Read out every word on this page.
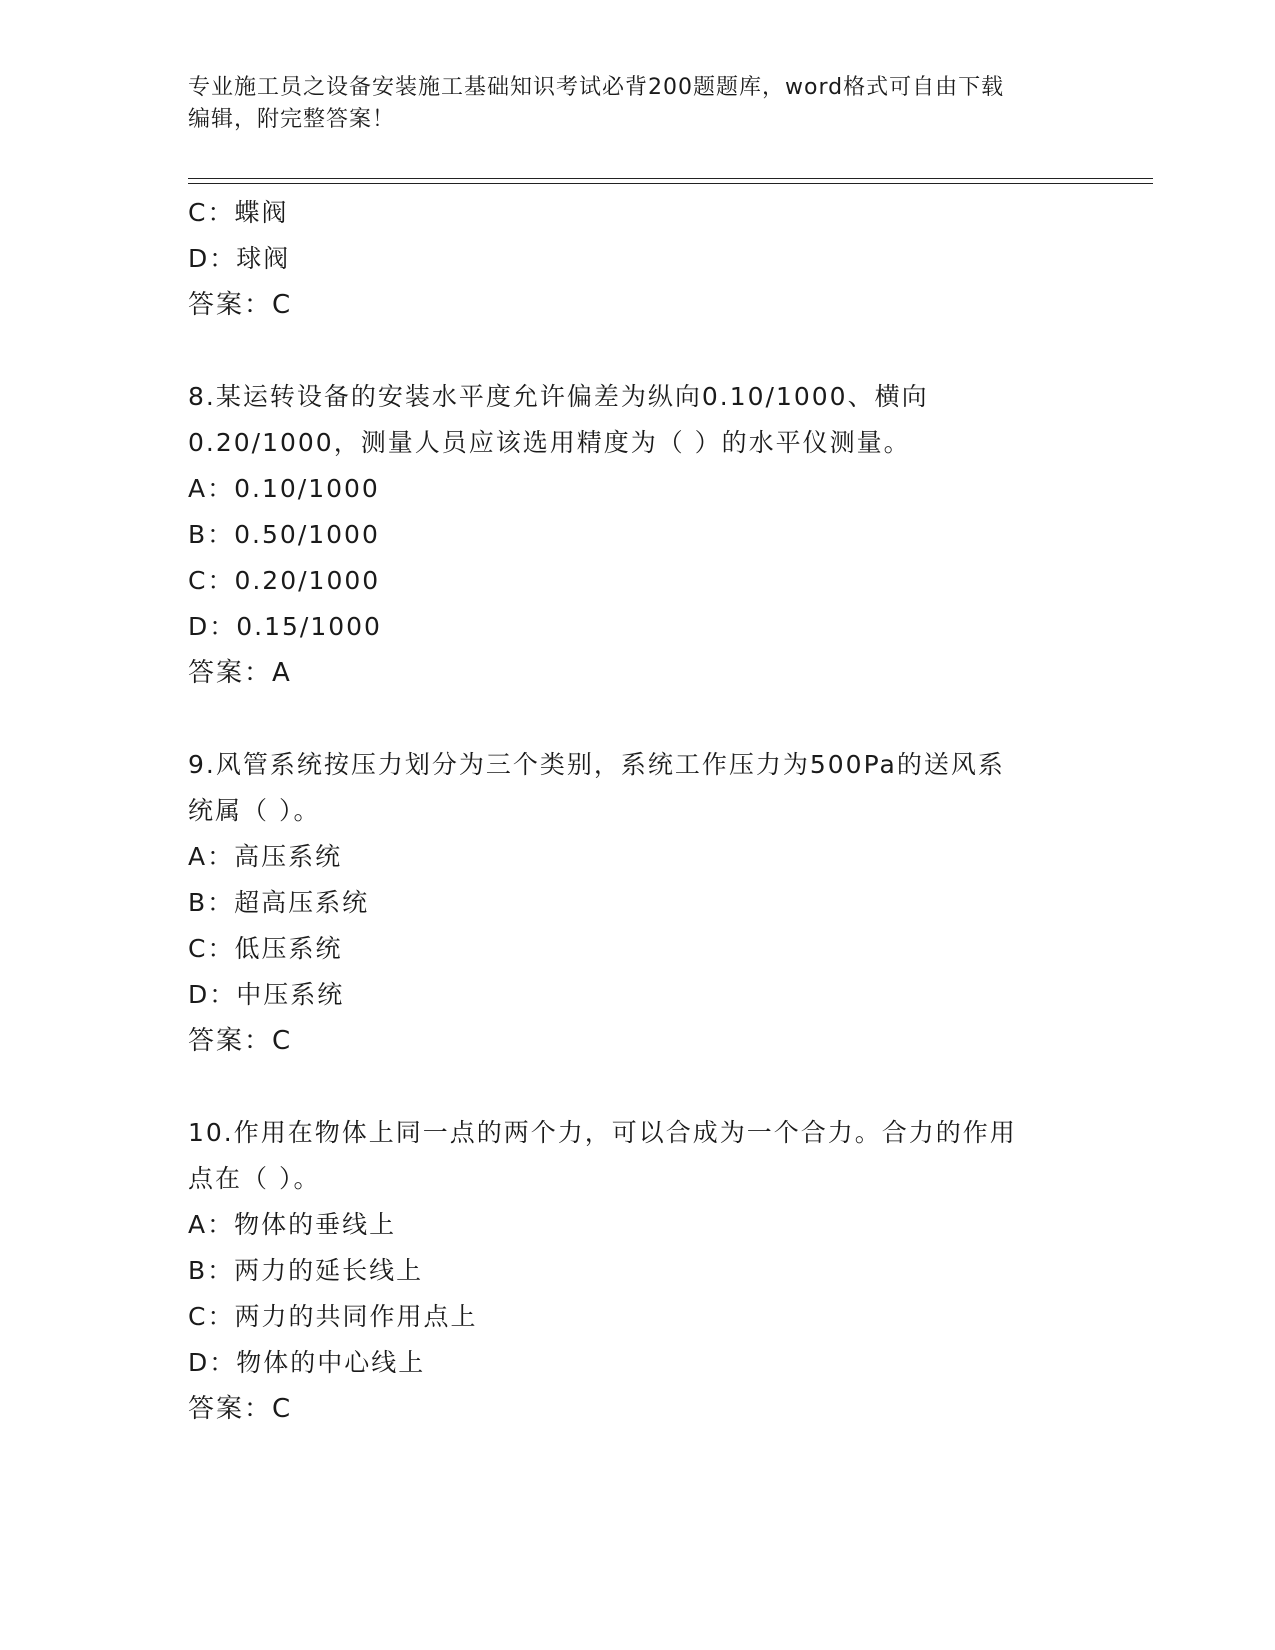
专业施工员之设备安装施工基础知识考试必背200题题库，word格式可自由下载
编辑，附完整答案！
C：蝶阀
D：球阀
答案：C
8.某运转设备的安装水平度允许偏差为纵向0.10/1000、横向
0.20/1000，测量人员应该选用精度为（ ）的水平仪测量。
A：0.10/1000
B：0.50/1000
C：0.20/1000
D：0.15/1000
答案：A
9.风管系统按压力划分为三个类别，系统工作压力为500Pa的送风系
统属（ ）。
A：高压系统
B：超高压系统
C：低压系统
D：中压系统
答案：C
10.作用在物体上同一点的两个力，可以合成为一个合力。合力的作用
点在（ ）。
A：物体的垂线上
B：两力的延长线上
C：两力的共同作用点上
D：物体的中心线上
答案：C
